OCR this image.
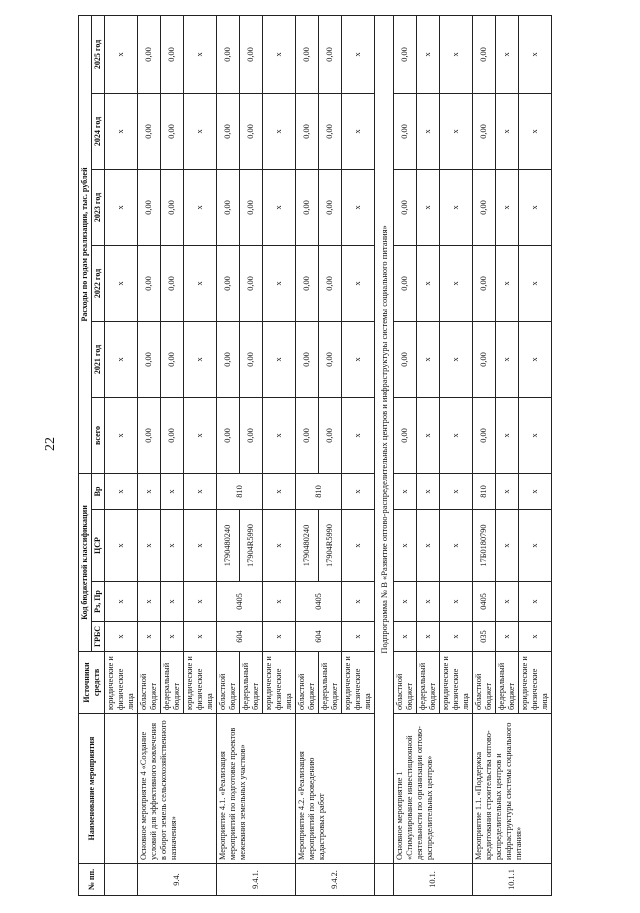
22
№ пп.	Наименование мероприятия	Источники средств	Код бюджетной классификации				Расходы по годам реализации, тыс. рублей					
			ГРБС	Рз, Пр	ЦСР	Вр	всего	2021 год	2022 год	2023 год	2024 год	2025 год
		юридические и физические лица	х	х	х	х	х	х	х	х	х	х
9.4.	Основное мероприятие 4 «Создание условий для эффективного вовлечения в оборот земель сельскохозяйственного назначения»	областной бюджет	х	х	х	х	0,00	0,00	0,00	0,00	0,00	0,00
		федеральный бюджет	х	х	х	х	0,00	0,00	0,00	0,00	0,00	0,00
		юридические и физические лица	х	х	х	х	х	х	х	х	х	х
9.4.1.	Мероприятие 4.1. «Реализация мероприятий по подготовке проектов межевания земельных участков»	областной бюджет	604	0405	1790480240	810	0,00	0,00	0,00	0,00	0,00	0,00
		федеральный бюджет			17904R5990		0,00	0,00	0,00	0,00	0,00	0,00
		юридические и физические лица	х	х	х	х	х	х	х	х	х	х
9.4.2.	Мероприятие 4.2. «Реализация мероприятий по проведению кадастровых работ	областной бюджет	604	0405	1790480240	810	0,00	0,00	0,00	0,00	0,00	0,00
		федеральный бюджет			17904R5990		0,00	0,00	0,00	0,00	0,00	0,00
		юридические и физические лица	х	х	х	х	х	х	х	х	х	х
	Подпрограмма № В «Развитие оптово-распределительных центров и инфраструктуры системы социального питания»											
10.1.	Основное мероприятие 1 «Стимулирование инвестиционной деятельности по организации оптово-распределительных центров»	областной бюджет	х	х	х	х	0,00	0,00	0,00	0,00	0,00	0,00
		федеральный бюджет	х	х	х	х	х	х	х	х	х	х
		юридические и физические лица	х	х	х	х	х	х	х	х	х	х
10.1.1	Мероприятие 1.1. «Поддержка кредитования строительства оптово-распределительных центров и инфраструктуры системы социального питания»	областной бюджет	035	0405	17Б0180790	810	0,00	0,00	0,00	0,00	0,00	0,00
		федеральный бюджет	х	х	х	х	х	х	х	х	х	х
		юридические и физические лица	х	х	х	х	х	х	х	х	х	х
